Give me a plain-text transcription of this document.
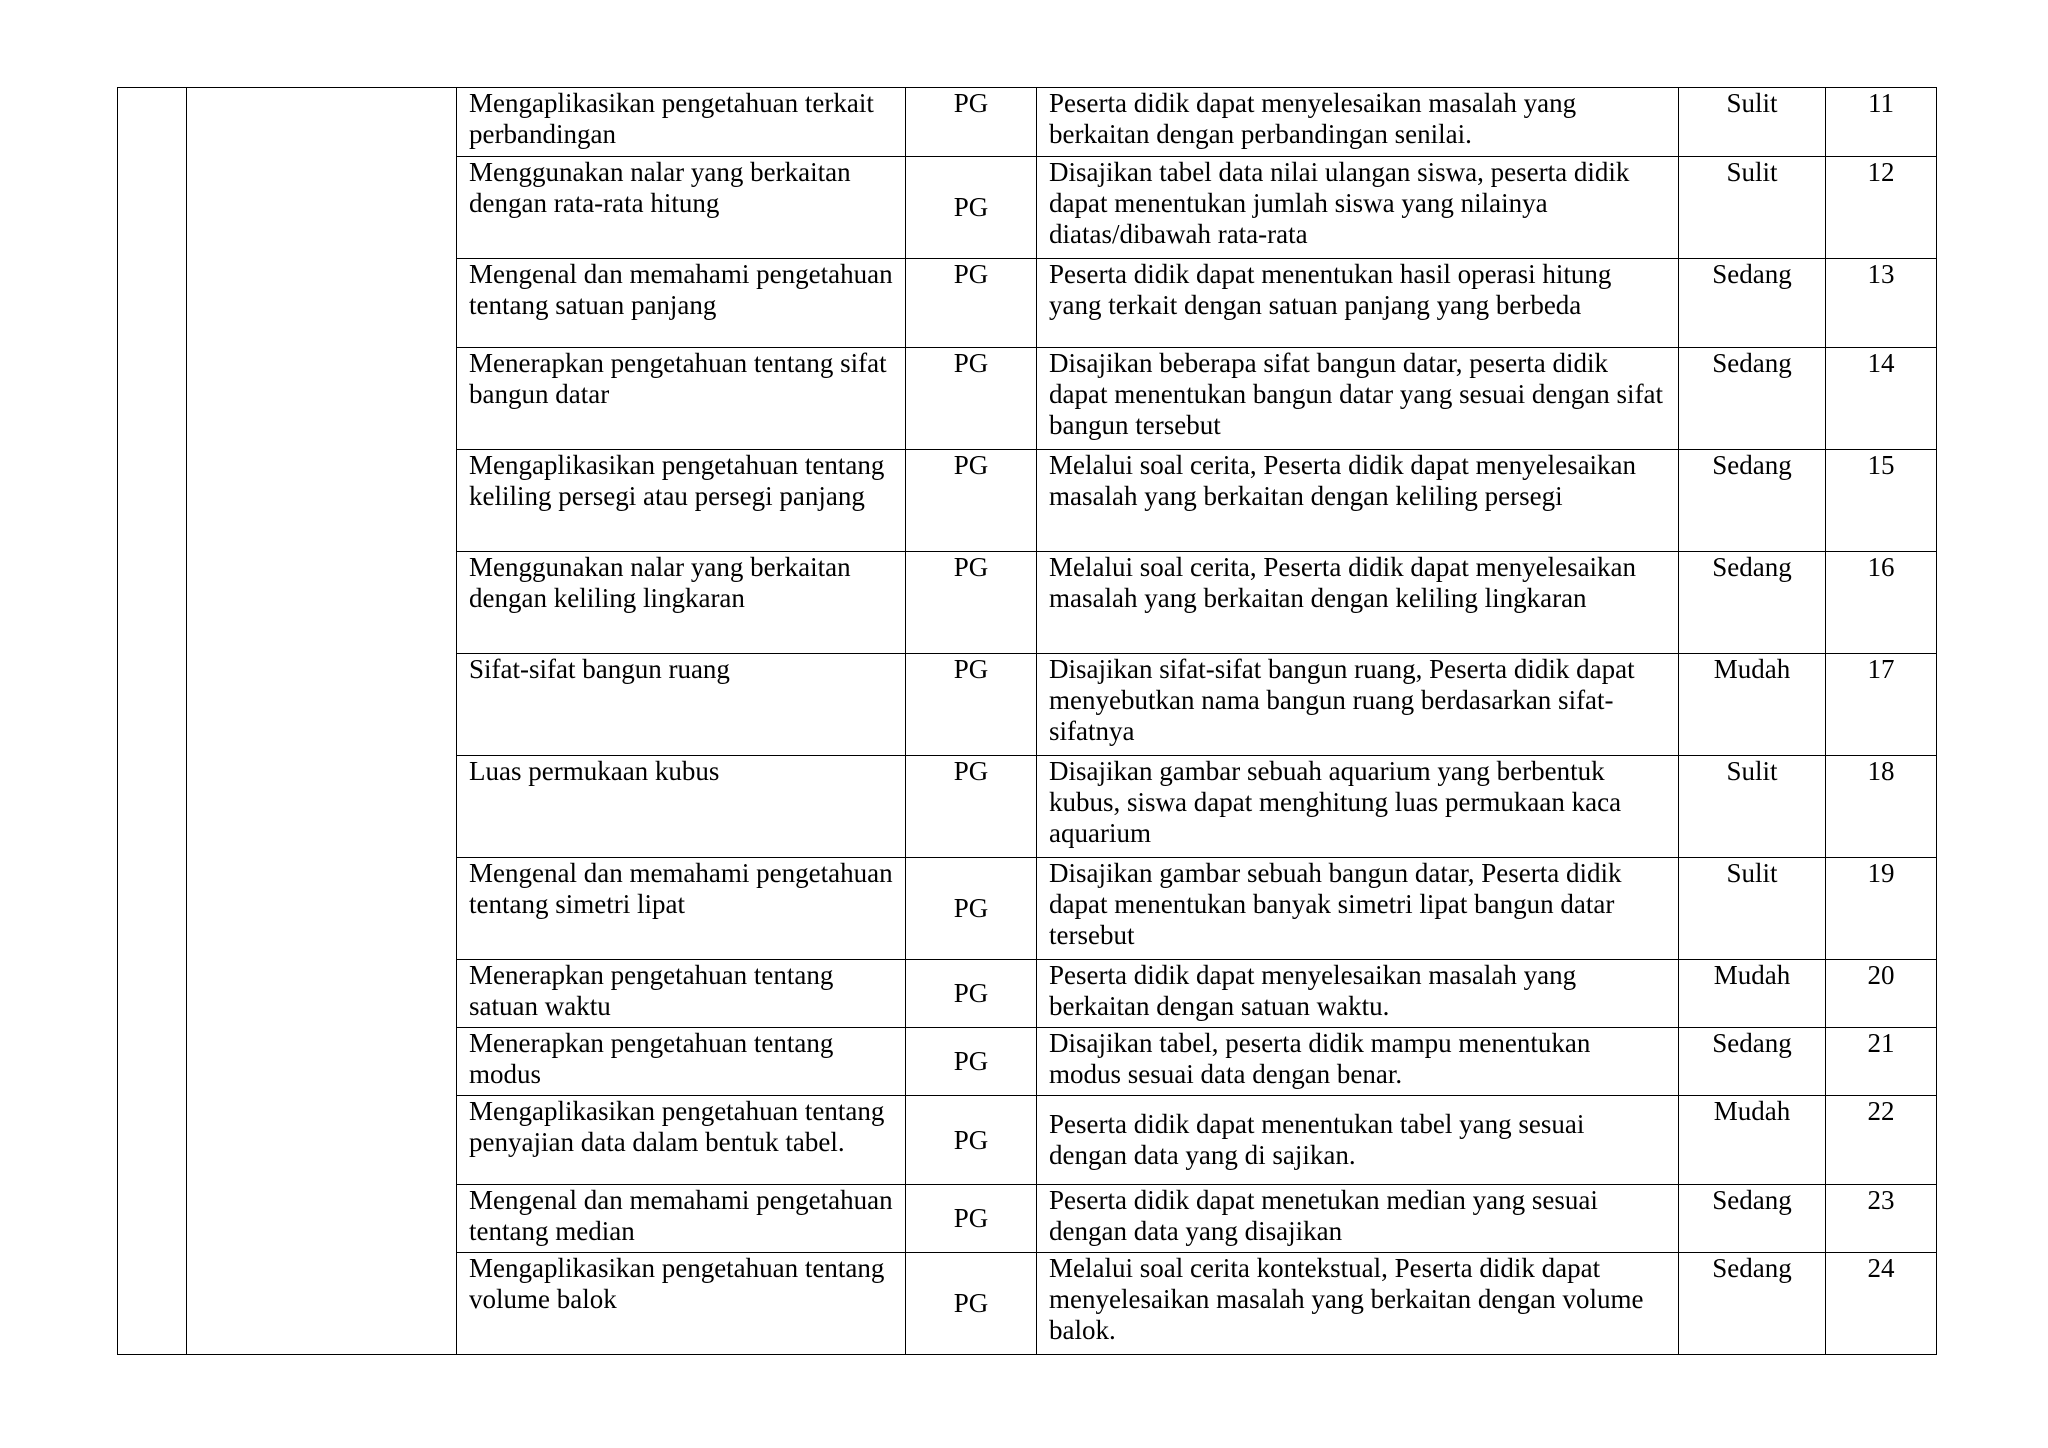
		Mengaplikasikan pengetahuan terkait perbandingan	PG	Peserta didik dapat menyelesaikan masalah yang berkaitan dengan perbandingan senilai.	Sulit	11
		Menggunakan nalar yang berkaitan dengan rata-rata hitung	PG	Disajikan tabel data nilai ulangan siswa, peserta didik dapat menentukan jumlah siswa yang nilainya diatas/dibawah rata-rata	Sulit	12
		Mengenal dan memahami pengetahuan tentang satuan panjang	PG	Peserta didik dapat menentukan hasil operasi hitung yang terkait dengan satuan panjang yang berbeda	Sedang	13
		Menerapkan pengetahuan tentang sifat bangun datar	PG	Disajikan beberapa sifat bangun datar, peserta didik dapat menentukan bangun datar yang sesuai dengan sifat bangun tersebut	Sedang	14
		Mengaplikasikan pengetahuan tentang keliling persegi atau persegi panjang	PG	Melalui soal cerita, Peserta didik dapat menyelesaikan masalah yang berkaitan dengan keliling persegi	Sedang	15
		Menggunakan nalar yang berkaitan dengan keliling lingkaran	PG	Melalui soal cerita, Peserta didik dapat menyelesaikan masalah yang berkaitan dengan keliling lingkaran	Sedang	16
		Sifat-sifat bangun ruang	PG	Disajikan sifat-sifat bangun ruang, Peserta didik dapat menyebutkan nama bangun ruang berdasarkan sifat-sifatnya	Mudah	17
		Luas permukaan kubus	PG	Disajikan gambar sebuah aquarium yang berbentuk kubus, siswa dapat menghitung luas permukaan kaca aquarium	Sulit	18
		Mengenal dan memahami pengetahuan tentang simetri lipat	PG	Disajikan gambar sebuah bangun datar, Peserta didik dapat menentukan banyak simetri lipat bangun datar tersebut	Sulit	19
		Menerapkan pengetahuan tentang satuan waktu	PG	Peserta didik dapat menyelesaikan masalah yang berkaitan dengan satuan waktu.	Mudah	20
		Menerapkan pengetahuan tentang modus	PG	Disajikan tabel, peserta didik mampu menentukan modus sesuai data dengan benar.	Sedang	21
		Mengaplikasikan pengetahuan tentang penyajian data dalam bentuk tabel.	PG	Peserta didik dapat menentukan tabel yang sesuai dengan data yang di sajikan.	Mudah	22
		Mengenal dan memahami pengetahuan tentang median	PG	Peserta didik dapat menetukan median yang sesuai dengan data yang disajikan	Sedang	23
		Mengaplikasikan pengetahuan tentang volume balok	PG	Melalui soal cerita kontekstual, Peserta didik dapat menyelesaikan masalah yang berkaitan dengan volume balok.	Sedang	24
